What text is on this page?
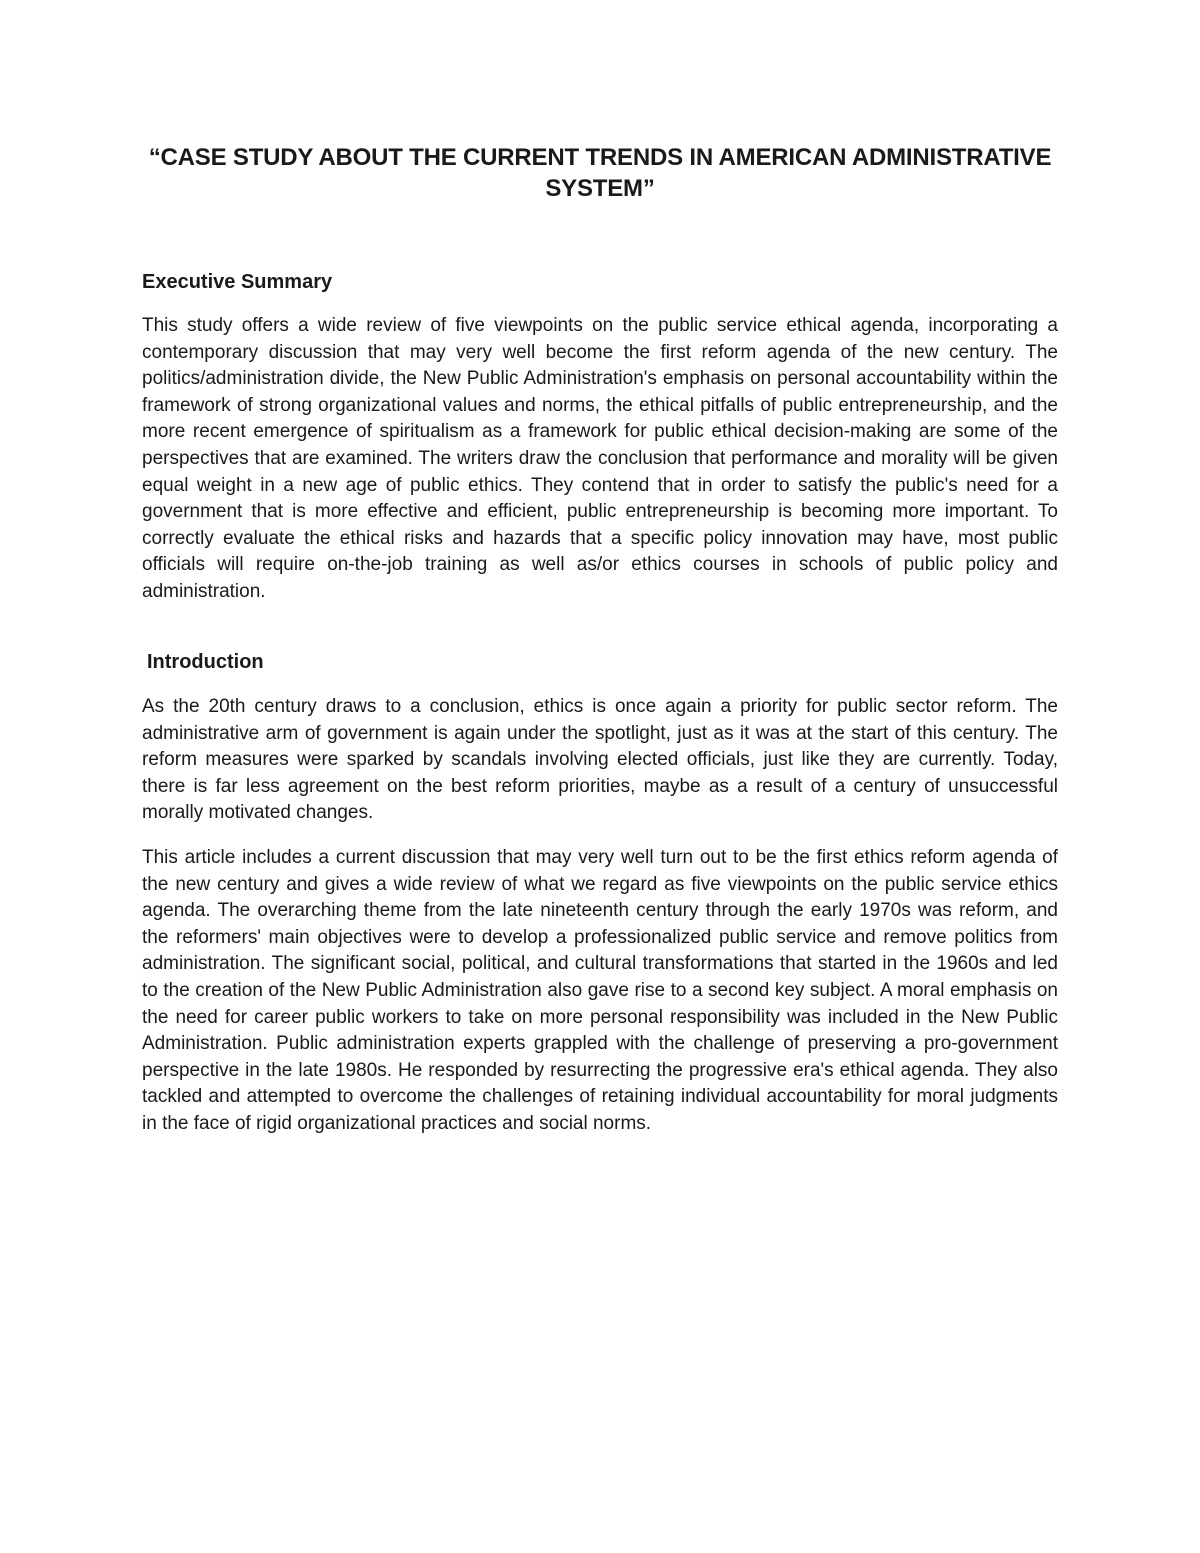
“CASE STUDY ABOUT THE CURRENT TRENDS IN AMERICAN ADMINISTRATIVE SYSTEM”
Executive Summary

This study offers a wide review of five viewpoints on the public service ethical agenda, incorporating a contemporary discussion that may very well become the first reform agenda of the new century. The politics/administration divide, the New Public Administration's emphasis on personal accountability within the framework of strong organizational values and norms, the ethical pitfalls of public entrepreneurship, and the more recent emergence of spiritualism as a framework for public ethical decision-making are some of the perspectives that are examined. The writers draw the conclusion that performance and morality will be given equal weight in a new age of public ethics. They contend that in order to satisfy the public's need for a government that is more effective and efficient, public entrepreneurship is becoming more important. To correctly evaluate the ethical risks and hazards that a specific policy innovation may have, most public officials will require on-the-job training as well as/or ethics courses in schools of public policy and administration.

Introduction

As the 20th century draws to a conclusion, ethics is once again a priority for public sector reform. The administrative arm of government is again under the spotlight, just as it was at the start of this century. The reform measures were sparked by scandals involving elected officials, just like they are currently. Today, there is far less agreement on the best reform priorities, maybe as a result of a century of unsuccessful morally motivated changes.

This article includes a current discussion that may very well turn out to be the first ethics reform agenda of the new century and gives a wide review of what we regard as five viewpoints on the public service ethics agenda. The overarching theme from the late nineteenth century through the early 1970s was reform, and the reformers' main objectives were to develop a professionalized public service and remove politics from administration. The significant social, political, and cultural transformations that started in the 1960s and led to the creation of the New Public Administration also gave rise to a second key subject. A moral emphasis on the need for career public workers to take on more personal responsibility was included in the New Public Administration. Public administration experts grappled with the challenge of preserving a pro-government perspective in the late 1980s. He responded by resurrecting the progressive era's ethical agenda. They also tackled and attempted to overcome the challenges of retaining individual accountability for moral judgments in the face of rigid organizational practices and social norms.
